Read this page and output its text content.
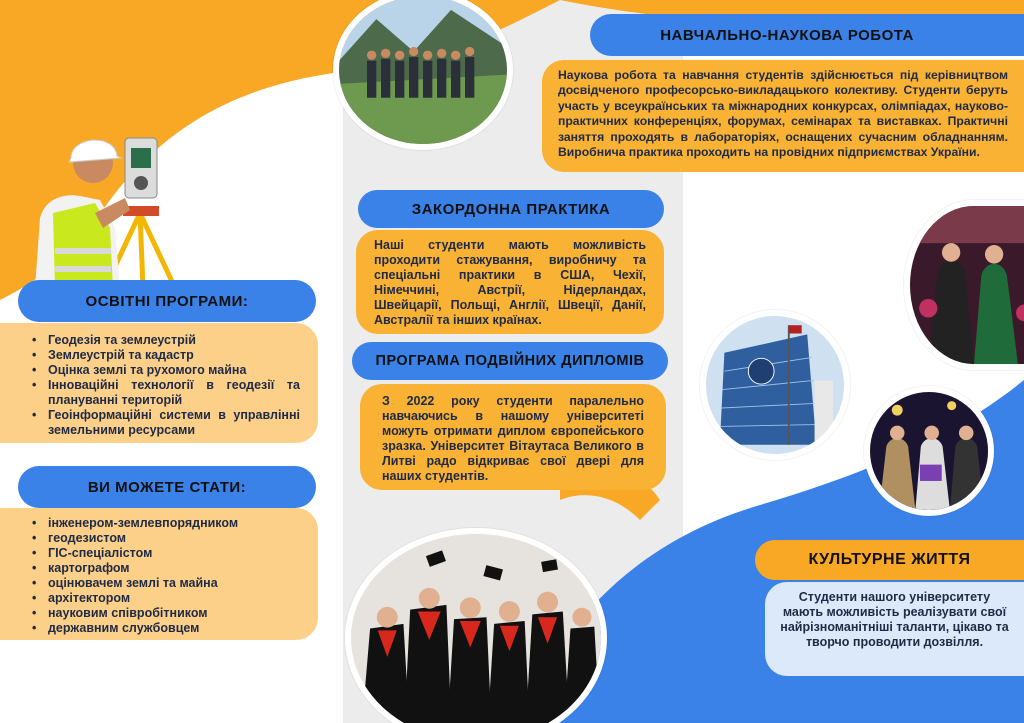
НАВЧАЛЬНО-НАУКОВА РОБОТА

Наукова робота та навчання студентів здійснюється під керівництвом досвідченого професорсько-викладацького колективу. Студенти беруть участь у всеукраїнських та міжнародних конкурсах, олімпіадах, науково-практичних конференціях, форумах, семінарах та виставках. Практичні заняття проходять в лабораторіях, оснащених сучасним обладнанням. Виробнича практика проходить на провідних підприємствах України.

ЗАКОРДОННА ПРАКТИКА

Наші студенти мають можливість проходити стажування, виробничу та спеціальні практики в США, Чехії, Німеччині, Австрії, Нідерландах, Швейцарії, Польщі, Англії, Швеції, Данії, Австралії та інших країнах.

ПРОГРАМА ПОДВІЙНИХ ДИПЛОМІВ

З 2022 року студенти паралельно навчаючись в нашому університеті можуть отримати диплом європейського зразка. Університет Вітаутаса Великого в Литві радо відкриває свої двері для наших студентів.

ОСВІТНІ ПРОГРАМИ:
• Геодезія та землеустрій
• Землеустрій та кадастр
• Оцінка землі та рухомого майна
• Інноваційні технології в геодезії та плануванні територій
• Геоінформаційні системи в управлінні земельними ресурсами
ВИ МОЖЕТЕ СТАТИ:
• інженером-землевпорядником
• геодезистом
• ГІС-спеціалістом
• картографом
• оцінювачем землі та майна
• архітектором
• науковим співробітником
• державним службовцем
КУЛЬТУРНЕ ЖИТТЯ

Студенти нашого університету мають можливість реалізувати свої найрізноманітніші таланти, цікаво та творчо проводити дозвілля.
